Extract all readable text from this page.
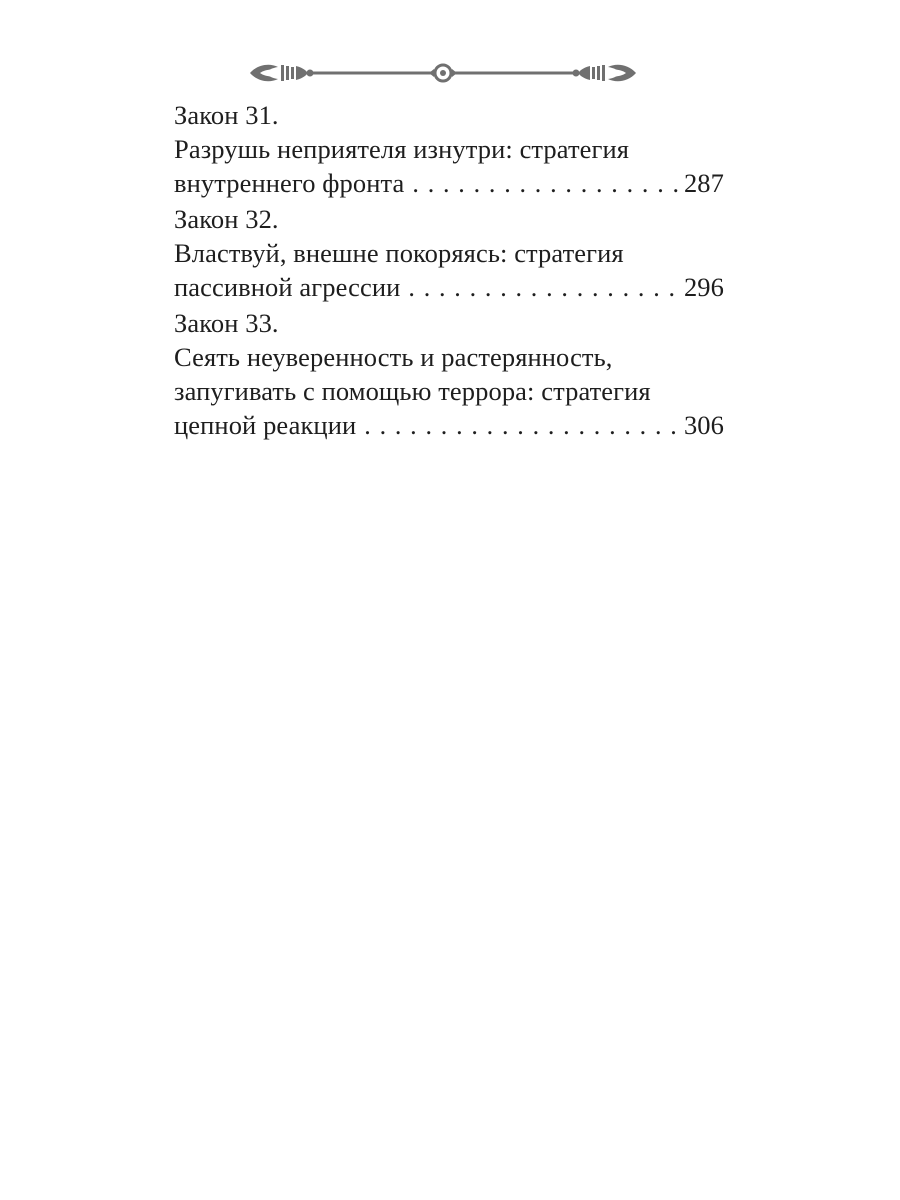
Закон 31.
Разрушь неприятеля изнутри: стратегия
внутреннего фронта . . .	287
Закон 32.
Властвуй, внешне покоряясь: стратегия
пассивной агрессии . . .	296
Закон 33.
Сеять неуверенность и растерянность,
запугивать с помощью террора: стратегия
цепной реакции . . .	306
